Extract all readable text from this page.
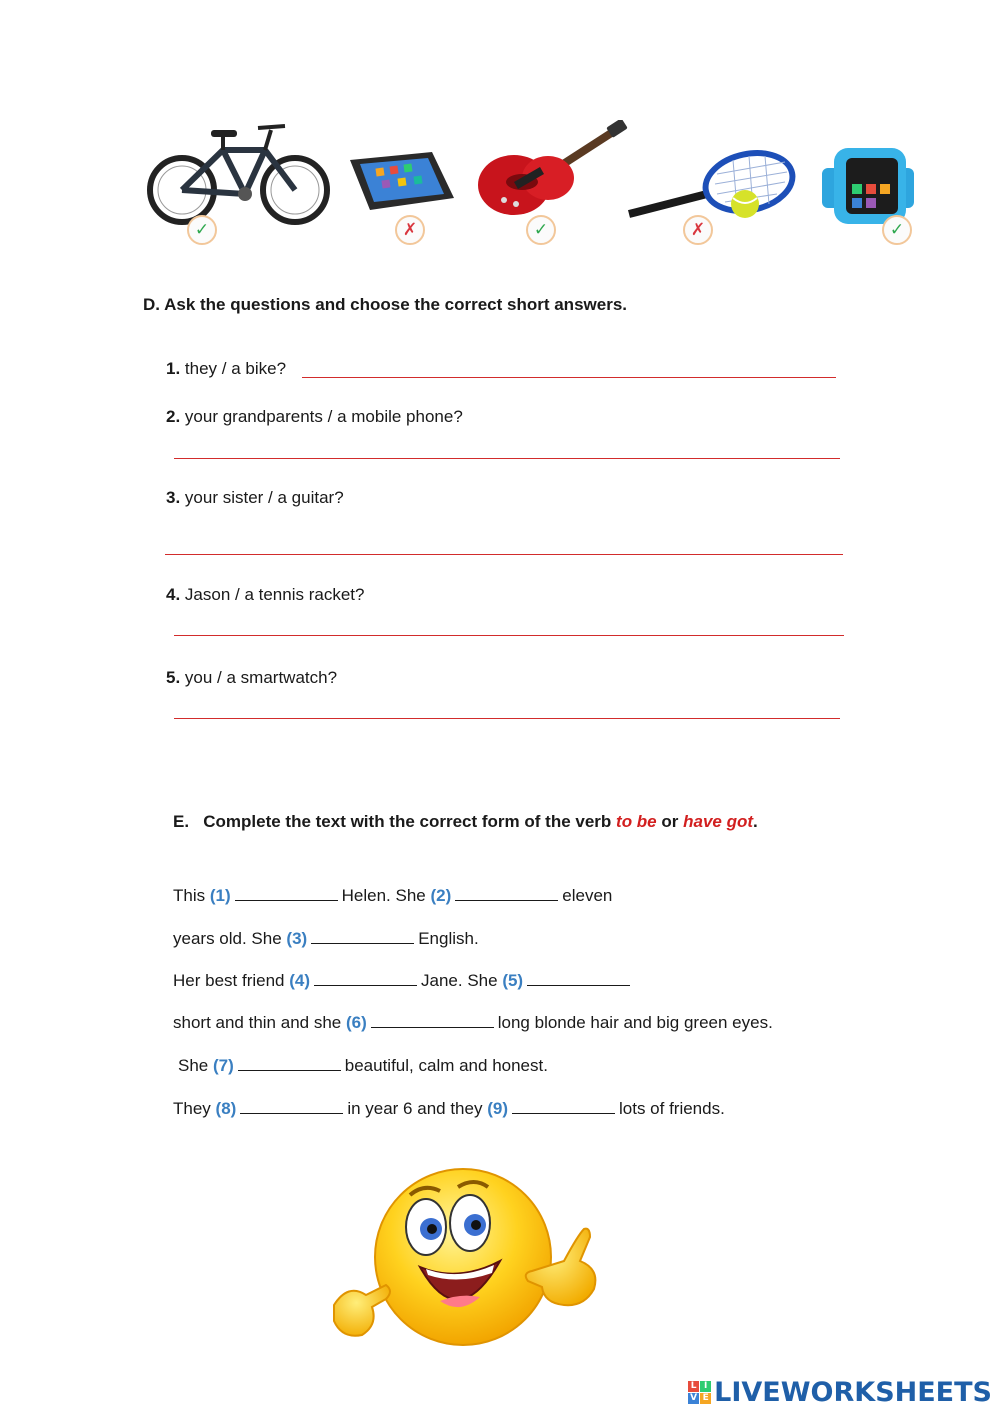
✓	✗	✓	✗	✓
D. Ask the questions and choose the correct short answers.
1. they / a bike?
2. your grandparents / a mobile phone?
3. your sister / a guitar?
4. Jason / a tennis racket?
5. you / a smartwatch?
E.   Complete the text with the correct form of the verb to be or have got.
This (1)	Helen. She (2)	eleven
years old. She (3)	English.
Her best friend (4)	Jane. She (5)
short and thin and she (6)	long blonde hair and big green eyes.
She (7)	beautiful, calm and honest.
They (8)	in year 6 and they (9)	lots of friends.
L I
V E LIVEWORKSHEETS
